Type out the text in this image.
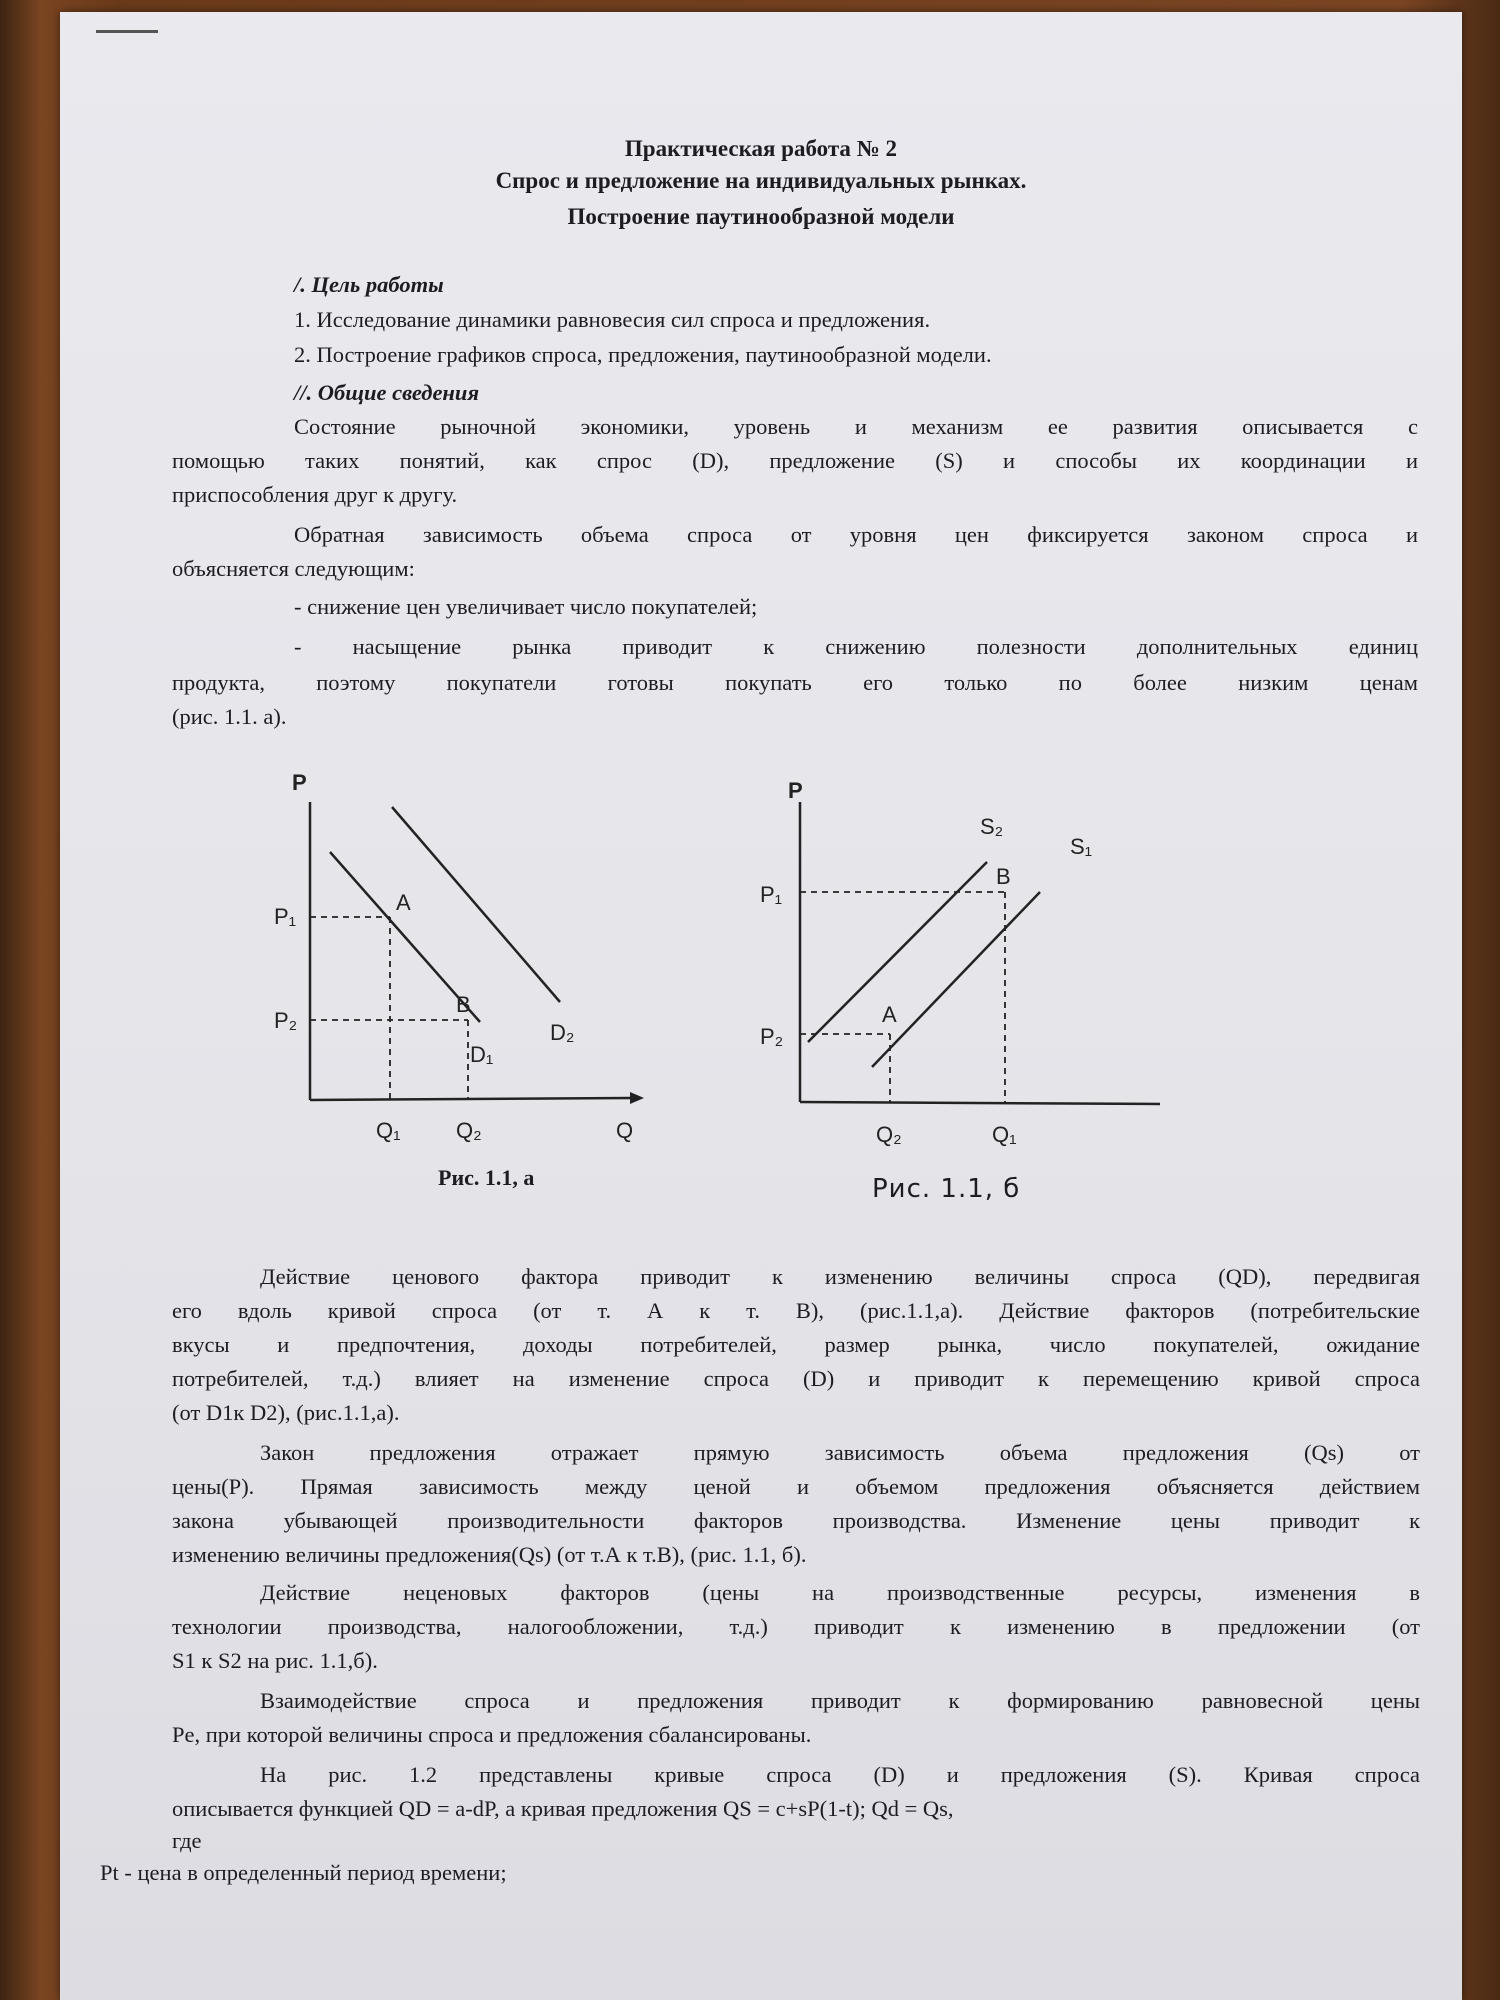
Практическая работа № 2
Спрос и предложение на индивидуальных рынках.
Построение паутинообразной модели
/. Цель работы
1. Исследование динамики равновесия сил спроса и предложения.
2. Построение графиков спроса, предложения, паутинообразной модели.
//. Общие сведения
Состояние рыночной экономики, уровень и механизм ее развития описывается с
помощью таких понятий, как спрос (D), предложение (S) и способы их координации и
приспособления друг к другу.
Обратная зависимость объема спроса от уровня цен фиксируется законом спроса и
объясняется следующим:
- снижение цен увеличивает число покупателей;
- насыщение рынка приводит к снижению полезности дополнительных единиц
продукта, поэтому покупатели готовы покупать его только по более низким ценам
(рис. 1.1. а).
P
P₁
P₂
Q₁	Q₂	Q
A
B
D₁
D₂
Рис. 1.1, а
P
P₁
P₂
Q₂	Q₁
A
B
S₂
S₁
Рис. 1.1, б
Действие ценового фактора приводит к изменению величины спроса (QD), передвигая
его вдоль кривой спроса (от т. А к т. В), (рис.1.1,а). Действие факторов (потребительские
вкусы и предпочтения, доходы потребителей, размер рынка, число покупателей, ожидание
потребителей, т.д.) влияет на изменение спроса (D) и приводит к перемещению кривой спроса
(от D1к D2), (рис.1.1,а).
Закон предложения отражает прямую зависимость объема предложения (Qs) от
цены(P). Прямая зависимость между ценой и объемом предложения объясняется действием
закона убывающей производительности факторов производства. Изменение цены приводит к
изменению величины предложения(Qs) (от т.А к т.В), (рис. 1.1, б).
Действие неценовых факторов (цены на производственные ресурсы, изменения в
технологии производства, налогообложении, т.д.) приводит к изменению в предложении (от
S1 к S2 на рис. 1.1,б).
Взаимодействие спроса и предложения приводит к формированию равновесной цены
Pe, при которой величины спроса и предложения сбалансированы.
На рис. 1.2 представлены кривые спроса (D) и предложения (S). Кривая спроса
описывается функцией QD = a-dP, а кривая предложения QS = c+sP(1-t); Qd = Qs,
где
Pt - цена в определенный период времени;
